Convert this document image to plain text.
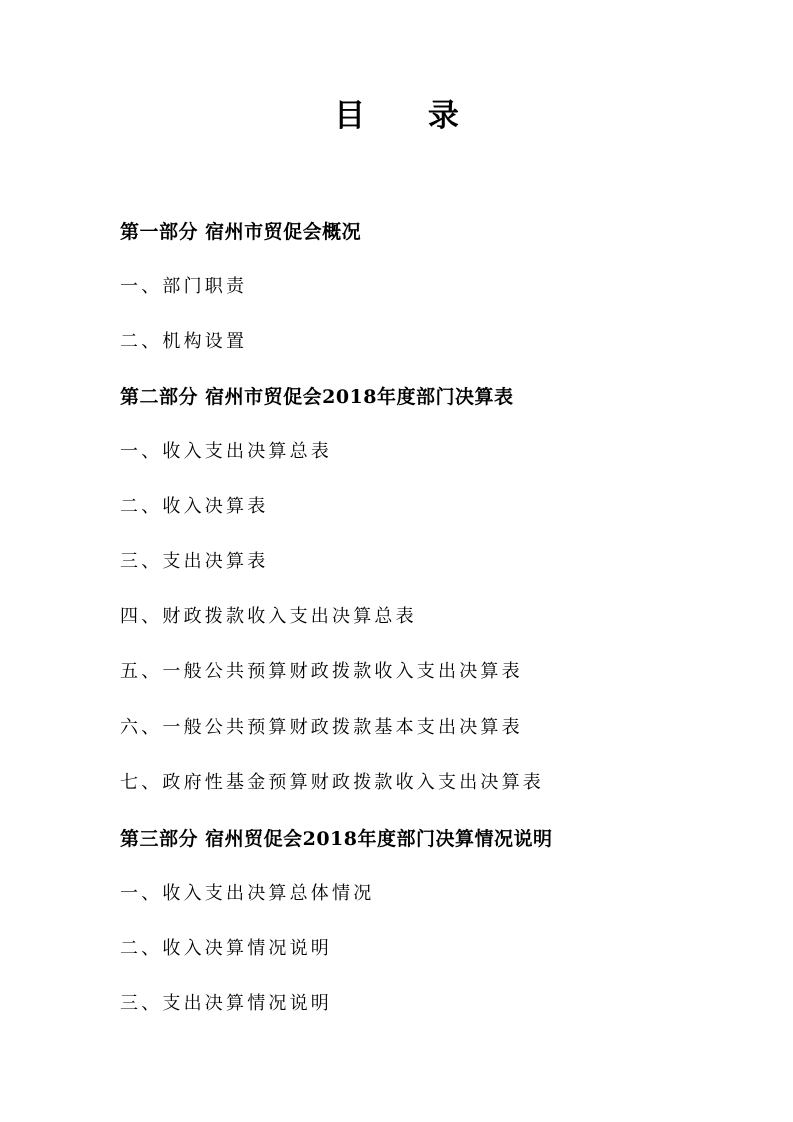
目 录
第一部分 宿州市贸促会概况
一、部门职责
二、机构设置
第二部分 宿州市贸促会2018年度部门决算表
一、收入支出决算总表
二、收入决算表
三、支出决算表
四、财政拨款收入支出决算总表
五、一般公共预算财政拨款收入支出决算表
六、一般公共预算财政拨款基本支出决算表
七、政府性基金预算财政拨款收入支出决算表
第三部分 宿州贸促会2018年度部门决算情况说明
一、收入支出决算总体情况
二、收入决算情况说明
三、支出决算情况说明
